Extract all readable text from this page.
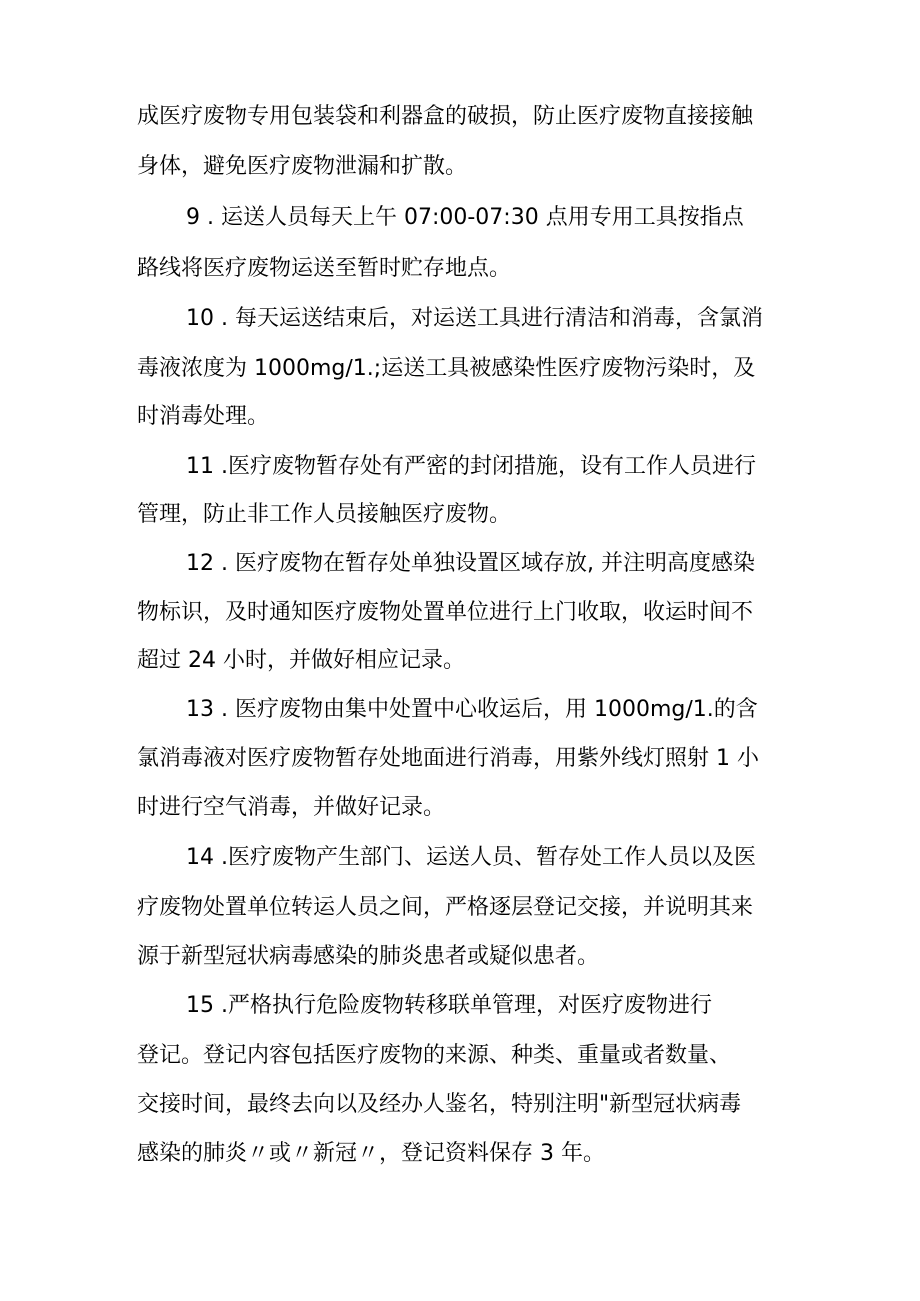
成医疗废物专用包装袋和利器盒的破损，防止医疗废物直接接触
身体，避免医疗废物泄漏和扩散。
9 . 运送人员每天上午 07:00-07:30 点用专用工具按指点
路线将医疗废物运送至暂时贮存地点。
10 . 每天运送结束后，对运送工具进行清洁和消毒，含氯消
毒液浓度为 1000mg∕1.;运送工具被感染性医疗废物污染时，及
时消毒处理。
11 .医疗废物暂存处有严密的封闭措施，设有工作人员进行
管理，防止非工作人员接触医疗废物。
12 . 医疗废物在暂存处单独设置区域存放, 并注明高度感染
物标识，及时通知医疗废物处置单位进行上门收取，收运时间不
超过 24 小时，并做好相应记录。
13 . 医疗废物由集中处置中心收运后，用 1000mg∕1.的含
氯消毒液对医疗废物暂存处地面进行消毒，用紫外线灯照射 1 小
时进行空气消毒，并做好记录。
14 .医疗废物产生部门、运送人员、暂存处工作人员以及医
疗废物处置单位转运人员之间，严格逐层登记交接，并说明其来
源于新型冠状病毒感染的肺炎患者或疑似患者。
15 .严格执行危险废物转移联单管理，对医疗废物进行
登记。登记内容包括医疗废物的来源、种类、重量或者数量、
交接时间，最终去向以及经办人鉴名，特别注明"新型冠状病毒
感染的肺炎〃或〃新冠〃，登记资料保存 3 年。
